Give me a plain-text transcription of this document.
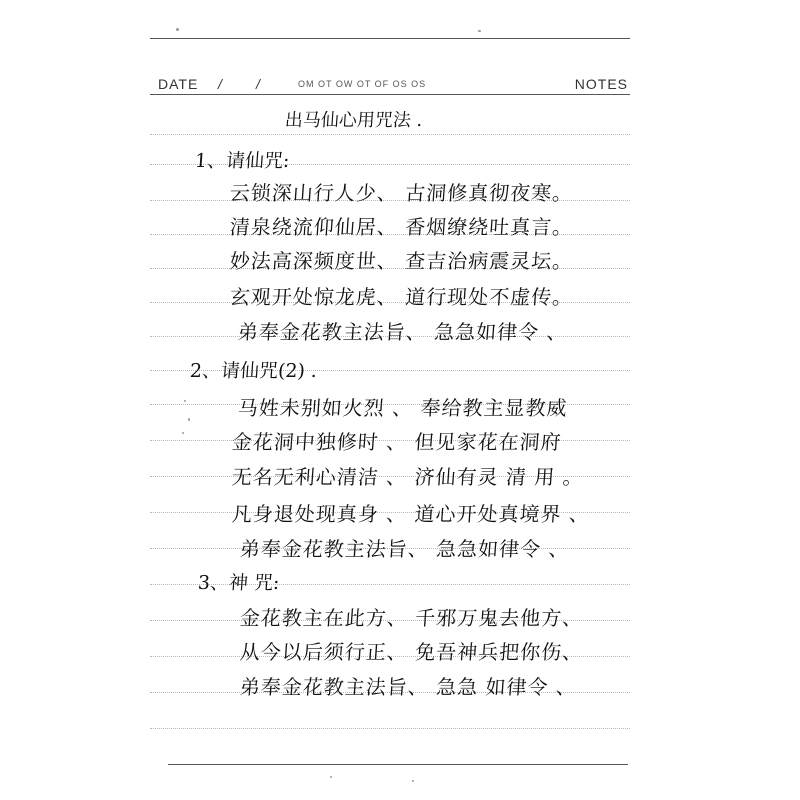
DATE / /	OM OT OW OT OF OS OS	NOTES
出马仙心用咒法 .
1、请仙咒:
云锁深山行人少、 古洞修真彻夜寒。
清泉绕流仰仙居、 香烟缭绕吐真言。
妙法高深频度世、 查吉治病震灵坛。
玄观开处惊龙虎、 道行现处不虚传。
弟奉金花教主法旨、 急急如律令 、
2、请仙咒(2) .
马姓未别如火烈 、 奉给教主显教威
金花洞中独修时 、 但见家花在洞府
无名无利心清洁 、 济仙有灵 清 用 。
凡身退处现真身 、 道心开处真境界 、
弟奉金花教主法旨、 急急如律令 、
3、神 咒:
金花教主在此方、 千邪万鬼去他方、
从今以后须行正、 免吾神兵把你伤、
弟奉金花教主法旨、 急急 如律令 、
